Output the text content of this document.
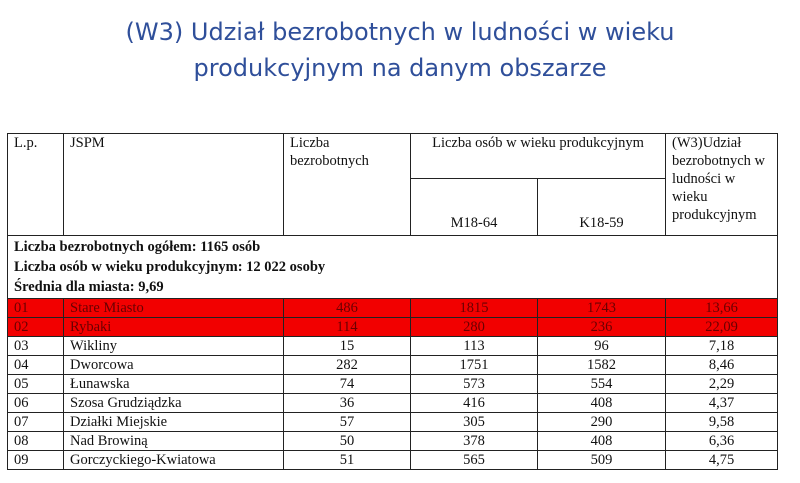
(W3) Udział bezrobotnych w ludności w wieku
produkcyjnym na danym obszarze
L.p.	JSPM	Liczba bezrobotnych	Liczba osób w wieku produkcyjnym		(W3)Udział bezrobotnych w ludności w wieku produkcyjnym
			M18-64	K18-59	

Liczba bezrobotnych ogółem: 1165 osób
Liczba osób w wieku produkcyjnym: 12 022 osoby
Średnia dla miasta: 9,69					

01	Stare Miasto	486	1815	1743	13,66
02	Rybaki	114	280	236	22,09
03	Wikliny	15	113	96	7,18
04	Dworcowa	282	1751	1582	8,46
05	Łunawska	74	573	554	2,29
06	Szosa Grudziądzka	36	416	408	4,37
07	Działki Miejskie	57	305	290	9,58
08	Nad Browiną	50	378	408	6,36
09	Gorczyckiego-Kwiatowa	51	565	509	4,75
